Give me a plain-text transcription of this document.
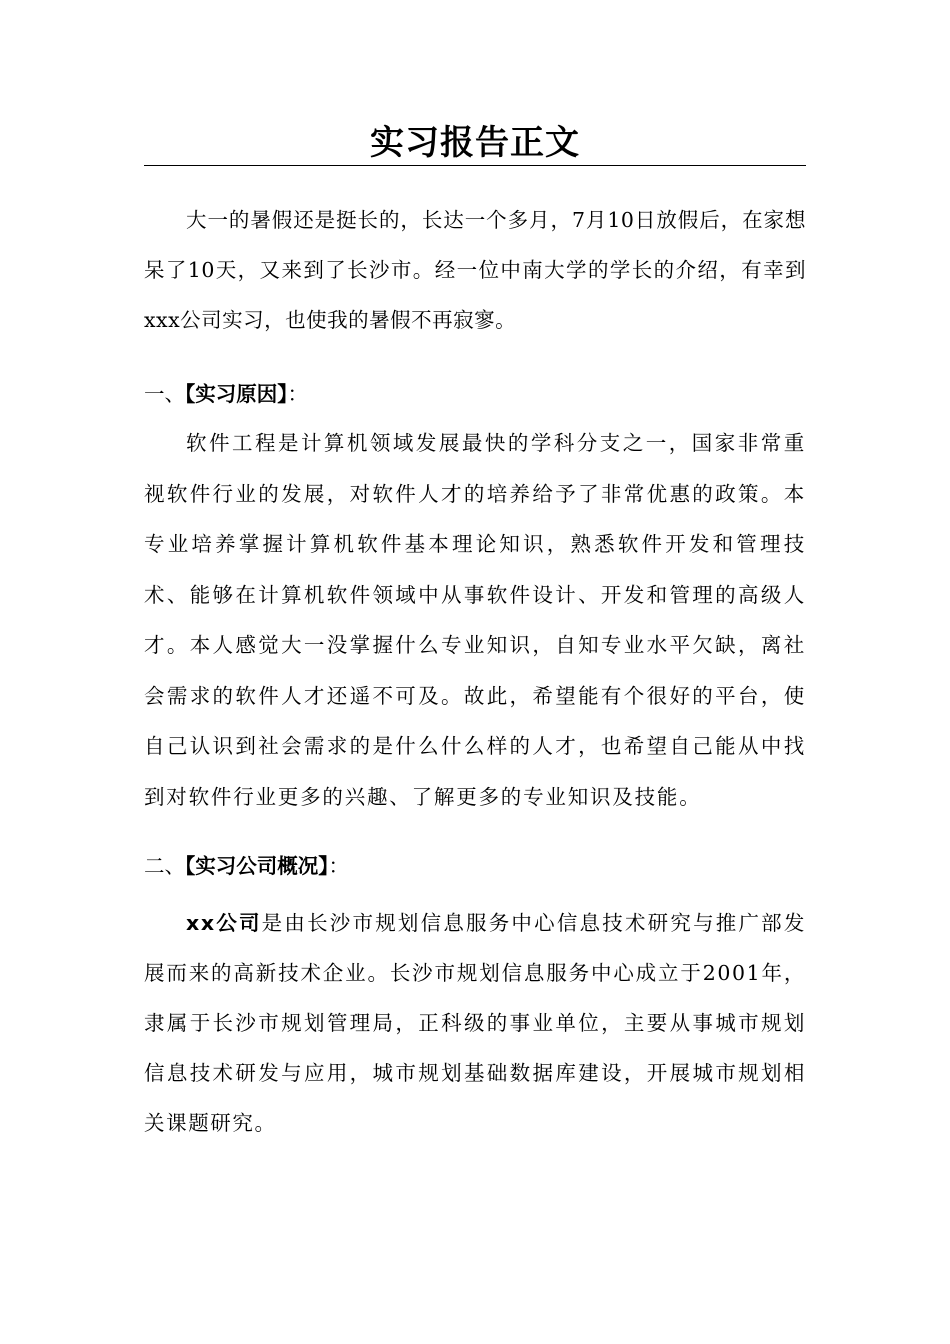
实习报告正文

大一的暑假还是挺长的，长达一个多月，7月10日放假后，在家想呆了10天，又来到了长沙市。经一位中南大学的学长的介绍，有幸到xxx公司实习，也使我的暑假不再寂寥。

一、【实习原因】：

软件工程是计算机领域发展最快的学科分支之一，国家非常重视软件行业的发展，对软件人才的培养给予了非常优惠的政策。本专业培养掌握计算机软件基本理论知识，熟悉软件开发和管理技术、能够在计算机软件领域中从事软件设计、开发和管理的高级人才。本人感觉大一没掌握什么专业知识，自知专业水平欠缺，离社会需求的软件人才还遥不可及。故此，希望能有个很好的平台，使自己认识到社会需求的是什么什么样的人才，也希望自己能从中找到对软件行业更多的兴趣、了解更多的专业知识及技能。

二、【实习公司概况】：

xx公司是由长沙市规划信息服务中心信息技术研究与推广部发展而来的高新技术企业。长沙市规划信息服务中心成立于2001年，隶属于长沙市规划管理局，正科级的事业单位，主要从事城市规划信息技术研发与应用，城市规划基础数据库建设，开展城市规划相关课题研究。
